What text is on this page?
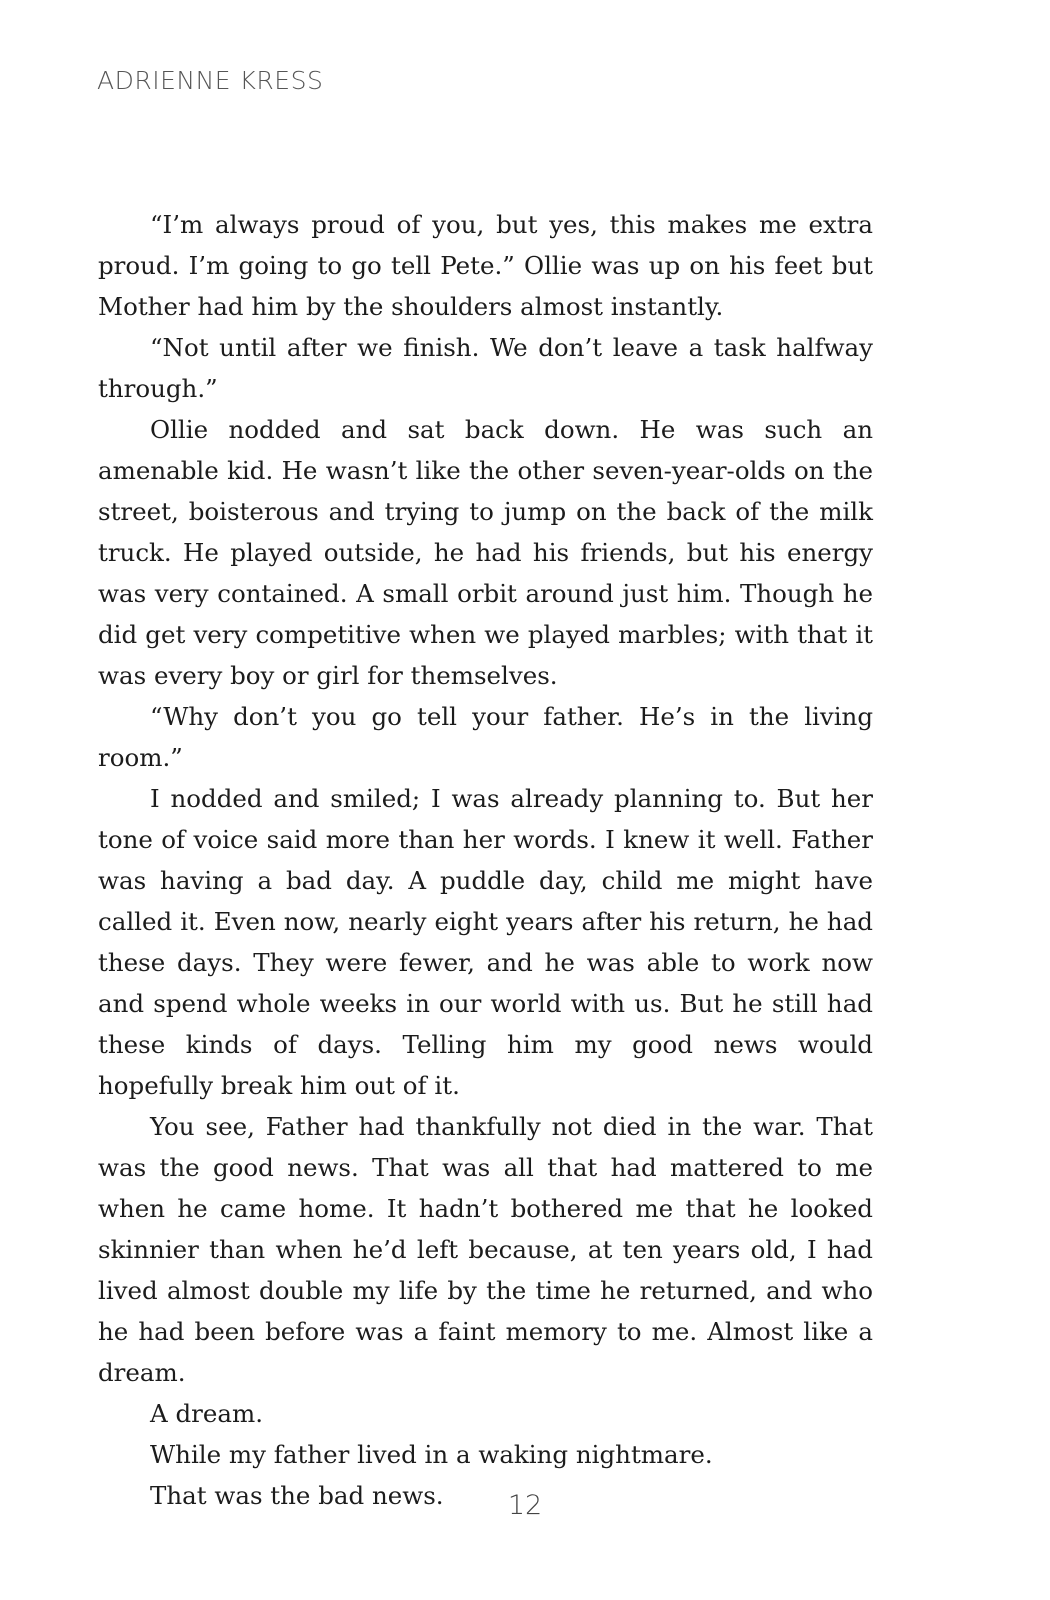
ADRIENNE KRESS

“I’m always proud of you, but yes, this makes me extra proud. I’m going to go tell Pete.” Ollie was up on his feet but Mother had him by the shoulders almost instantly.

“Not until after we finish. We don’t leave a task halfway through.”

Ollie nodded and sat back down. He was such an amenable kid. He wasn’t like the other seven-year-olds on the street, boisterous and trying to jump on the back of the milk truck. He played outside, he had his friends, but his energy was very contained. A small orbit around just him. Though he did get very competitive when we played marbles; with that it was every boy or girl for themselves.

“Why don’t you go tell your father. He’s in the living room.”

I nodded and smiled; I was already planning to. But her tone of voice said more than her words. I knew it well. Father was having a bad day. A puddle day, child me might have called it. Even now, nearly eight years after his return, he had these days. They were fewer, and he was able to work now and spend whole weeks in our world with us. But he still had these kinds of days. Telling him my good news would hopefully break him out of it.

You see, Father had thankfully not died in the war. That was the good news. That was all that had mattered to me when he came home. It hadn’t bothered me that he looked skinnier than when he’d left because, at ten years old, I had lived almost double my life by the time he returned, and who he had been before was a faint memory to me. Almost like a dream.

A dream.

While my father lived in a waking nightmare.

That was the bad news.	12
